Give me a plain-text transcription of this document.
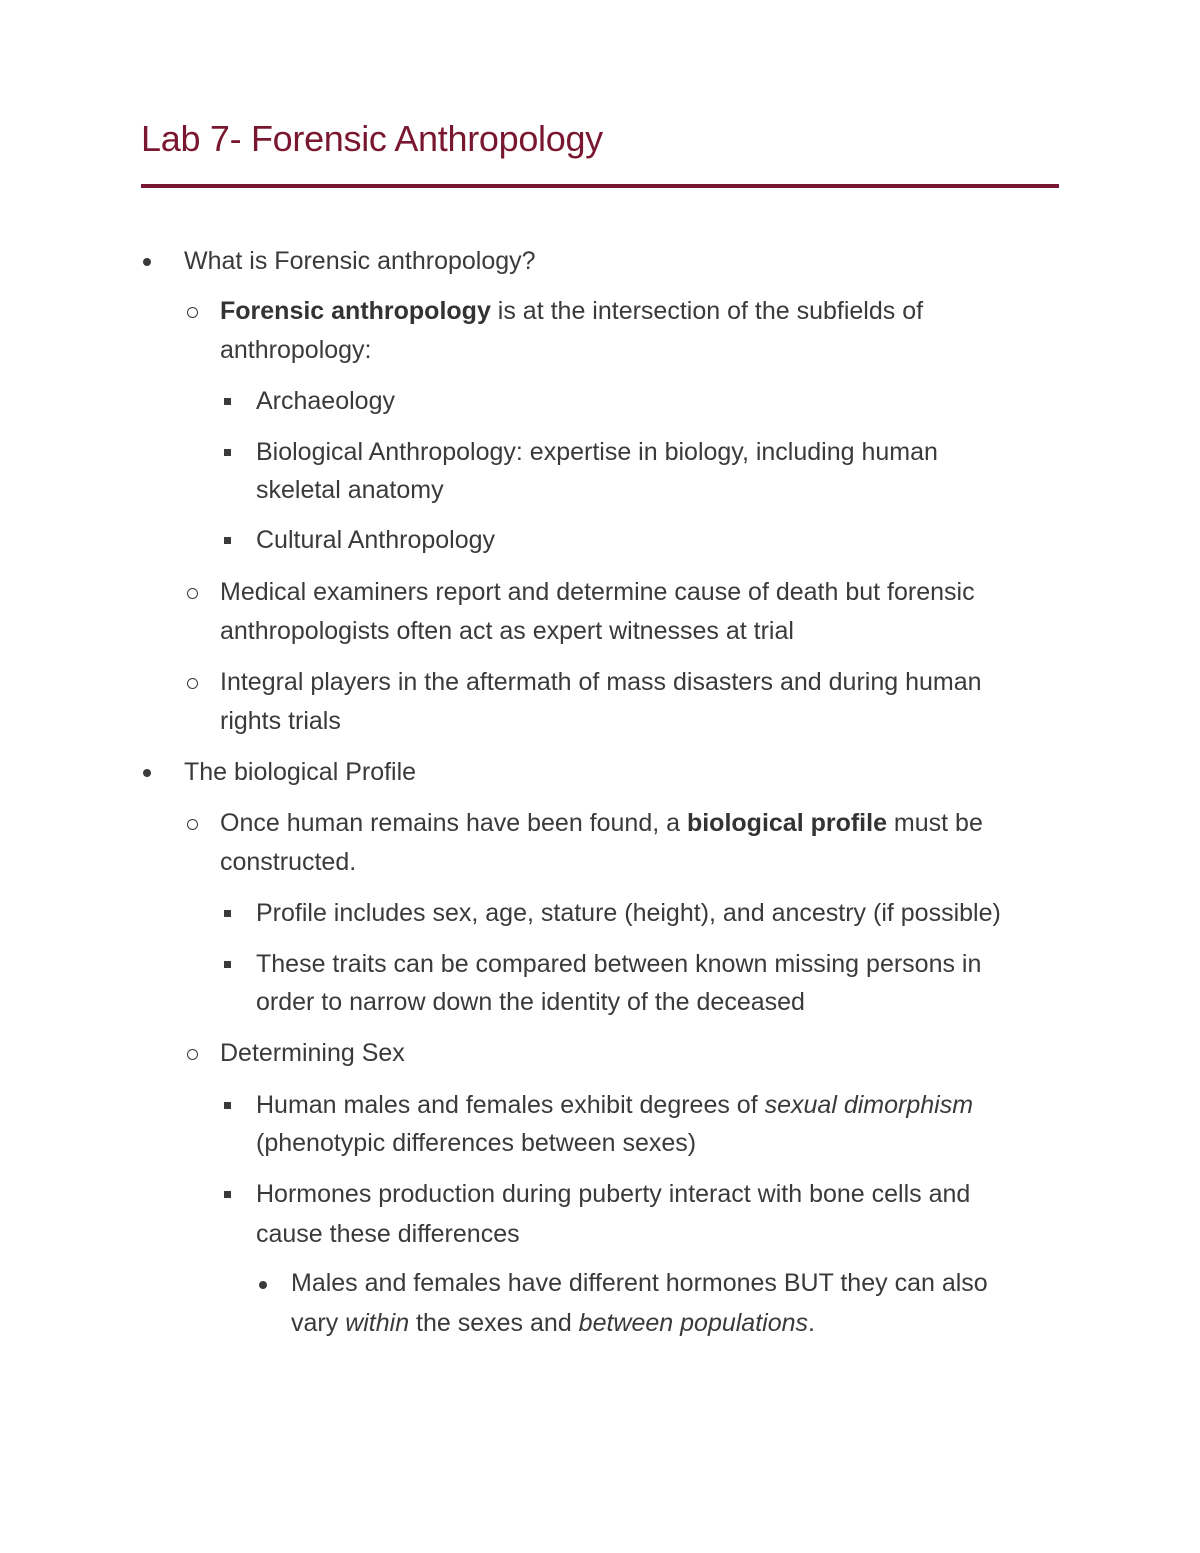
Lab 7- Forensic Anthropology
What is Forensic anthropology?
Forensic anthropology is at the intersection of the subfields of
anthropology:
Archaeology
Biological Anthropology: expertise in biology, including human
skeletal anatomy
Cultural Anthropology
Medical examiners report and determine cause of death but forensic
anthropologists often act as expert witnesses at trial
Integral players in the aftermath of mass disasters and during human
rights trials
The biological Profile
Once human remains have been found, a biological profile must be
constructed.
Profile includes sex, age, stature (height), and ancestry (if possible)
These traits can be compared between known missing persons in
order to narrow down the identity of the deceased
Determining Sex
Human males and females exhibit degrees of sexual dimorphism
(phenotypic differences between sexes)
Hormones production during puberty interact with bone cells and
cause these differences
Males and females have different hormones BUT they can also
vary within the sexes and between populations.
